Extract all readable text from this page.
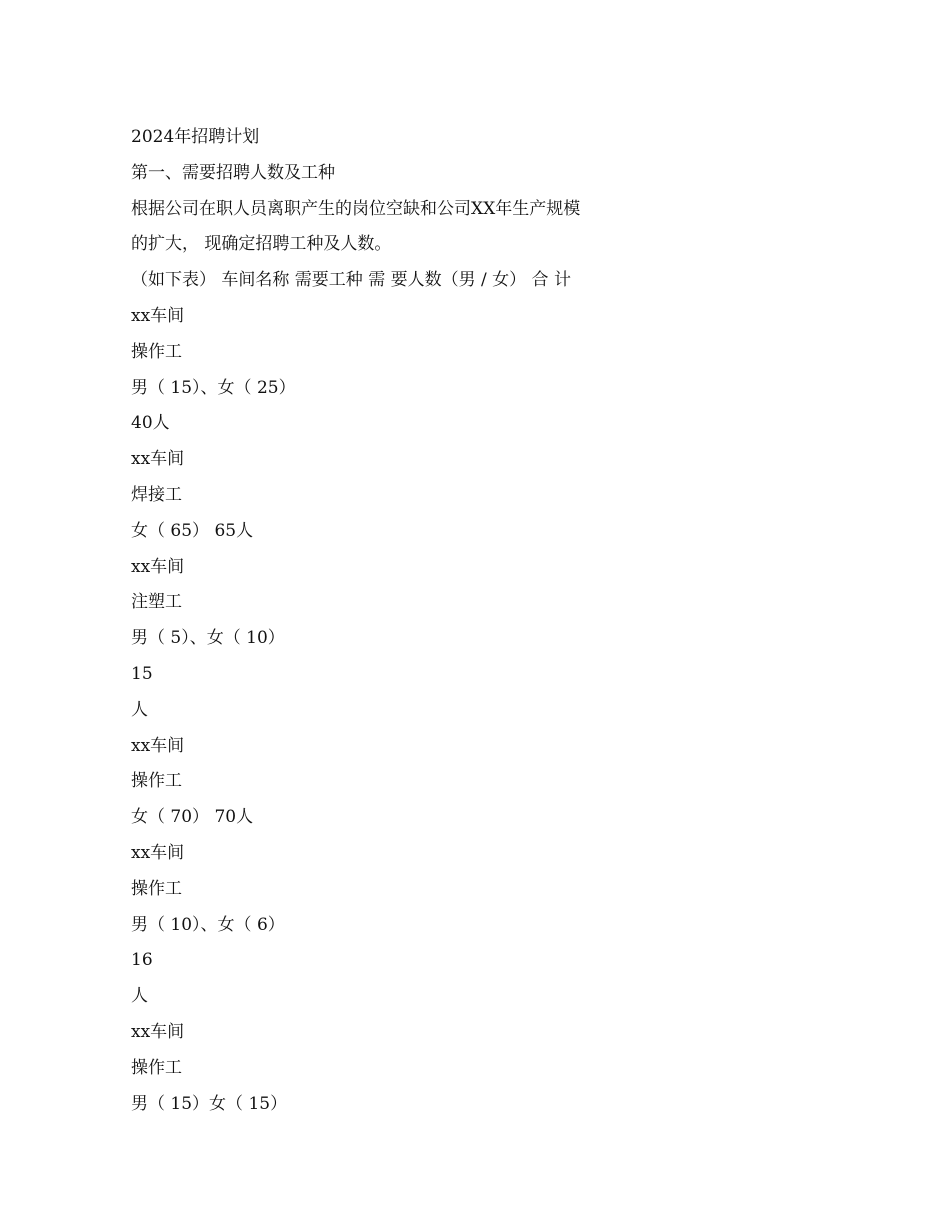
2024年招聘计划
第一、需要招聘人数及工种
根据公司在职人员离职产生的岗位空缺和公司XX年生产规模
的扩大， 现确定招聘工种及人数。
（如下表） 车间名称 需要工种 需 要人数（男 / 女） 合 计
xx车间
操作工
男（ 15）、女（ 25）
40人
xx车间
焊接工
女（ 65） 65人
xx车间
注塑工
男（ 5）、女（ 10）
15
人
xx车间
操作工
女（ 70） 70人
xx车间
操作工
男（ 10）、女（ 6）
16
人
xx车间
操作工
男（ 15）女（ 15）
